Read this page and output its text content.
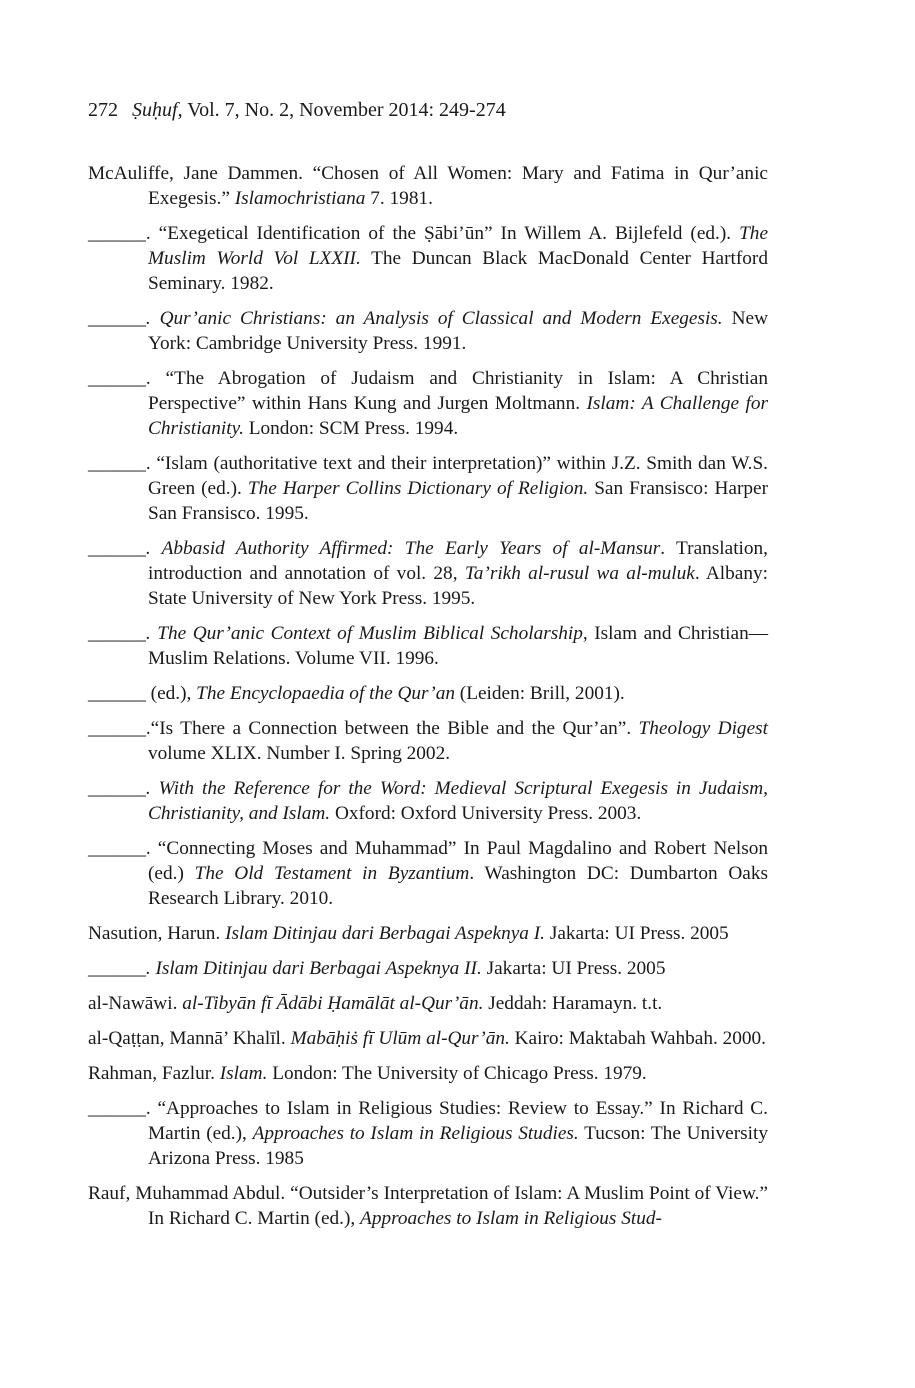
272 Ṣuḥuf, Vol. 7, No. 2, November 2014: 249-274

McAuliffe, Jane Dammen. “Chosen of All Women: Mary and Fatima in Qur’anic Exegesis.” Islamochristiana 7. 1981.

______. “Exegetical Identification of the Ṣābi’ūn” In Willem A. Bijlefeld (ed.). The Muslim World Vol LXXII. The Duncan Black MacDonald Center Hartford Seminary. 1982.

______. Qur’anic Christians: an Analysis of Classical and Modern Exegesis. New York: Cambridge University Press. 1991.

______. “The Abrogation of Judaism and Christianity in Islam: A Christian Perspective” within Hans Kung and Jurgen Moltmann. Islam: A Challenge for Christianity. London: SCM Press. 1994.

______. “Islam (authoritative text and their interpretation)” within J.Z. Smith dan W.S. Green (ed.). The Harper Collins Dictionary of Religion. San Fransisco: Harper San Fransisco. 1995.

______. Abbasid Authority Affirmed: The Early Years of al-Mansur. Translation, introduction and annotation of vol. 28, Ta’rikh al-rusul wa al-muluk. Albany: State University of New York Press. 1995.

______. The Qur’anic Context of Muslim Biblical Scholarship, Islam and Christian—Muslim Relations. Volume VII. 1996.

______ (ed.), The Encyclopaedia of the Qur’an (Leiden: Brill, 2001).

______.“Is There a Connection between the Bible and the Qur’an”. Theology Digest volume XLIX. Number I. Spring 2002.

______. With the Reference for the Word: Medieval Scriptural Exegesis in Judaism, Christianity, and Islam. Oxford: Oxford University Press. 2003.

______. “Connecting Moses and Muhammad” In Paul Magdalino and Robert Nelson (ed.) The Old Testament in Byzantium. Washington DC: Dumbarton Oaks Research Library. 2010.

Nasution, Harun. Islam Ditinjau dari Berbagai Aspeknya I. Jakarta: UI Press. 2005

______. Islam Ditinjau dari Berbagai Aspeknya II. Jakarta: UI Press. 2005

al-Nawāwi. al-Tibyān fī Ādābi Ḥamālāt al-Qur’ān. Jeddah: Haramayn. t.t.

al-Qaṭṭan, Mannā’ Khalīl. Mabāḥiṡ fī Ulūm al-Qur’ān. Kairo: Maktabah Wahbah. 2000.

Rahman, Fazlur. Islam. London: The University of Chicago Press. 1979.

______. “Approaches to Islam in Religious Studies: Review to Essay.” In Richard C. Martin (ed.), Approaches to Islam in Religious Studies. Tucson: The University Arizona Press. 1985

Rauf, Muhammad Abdul. “Outsider’s Interpretation of Islam: A Muslim Point of View.” In Richard C. Martin (ed.), Approaches to Islam in Religious Stud-
